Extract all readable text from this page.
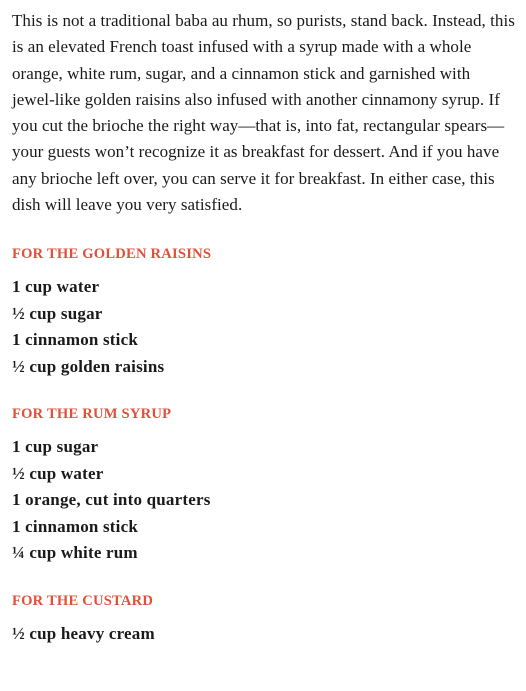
This is not a traditional baba au rhum, so purists, stand back. Instead, this is an elevated French toast infused with a syrup made with a whole orange, white rum, sugar, and a cinnamon stick and garnished with jewel-like golden raisins also infused with another cinnamony syrup. If you cut the brioche the right way—that is, into fat, rectangular spears—your guests won’t recognize it as breakfast for dessert. And if you have any brioche left over, you can serve it for breakfast. In either case, this dish will leave you very satisfied.

FOR THE GOLDEN RAISINS
1 cup water
½ cup sugar
1 cinnamon stick
½ cup golden raisins
FOR THE RUM SYRUP
1 cup sugar
½ cup water
1 orange, cut into quarters
1 cinnamon stick
¼ cup white rum
FOR THE CUSTARD
½ cup heavy cream
